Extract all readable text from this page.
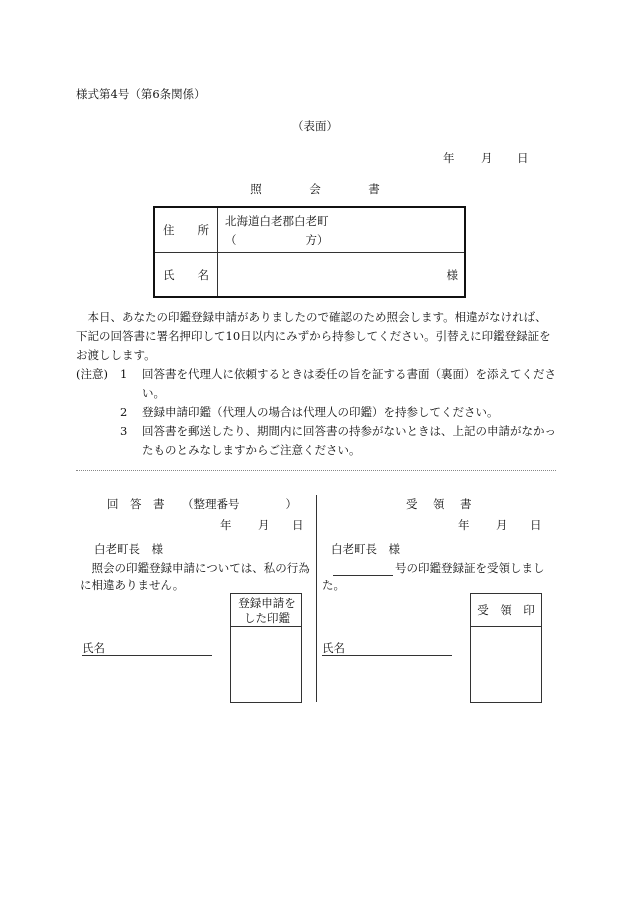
様式第4号（第6条関係）
（表面）
年 月 日
照　会　書
住　　所
北海道白老郡白老町
（　　　　　　方）
氏　　名	様
　本日、あなたの印鑑登録申請がありましたので確認のため照会します。相違がなければ、下記の回答書に署名押印して10日以内にみずから持参してください。引替えに印鑑登録証をお渡しします。
(注意)	1	回答書を代理人に依頼するときは委任の旨を証する書面（裏面）を添えてください。
2	登録申請印鑑（代理人の場合は代理人の印鑑）を持参してください。
3	回答書を郵送したり、期間内に回答書の持参がないときは、上記の申請がなかったものとみなしますからご注意ください。
回　答　書 （整理番号　　　　）
年 月 日
白老町長　様
　照会の印鑑登録申請については、私の行為に相違ありません。
氏名
登録申請をした印鑑
受　領　書
年 月 日
白老町長　様
号の印鑑登録証を受領しました。
氏名
受　領　印
